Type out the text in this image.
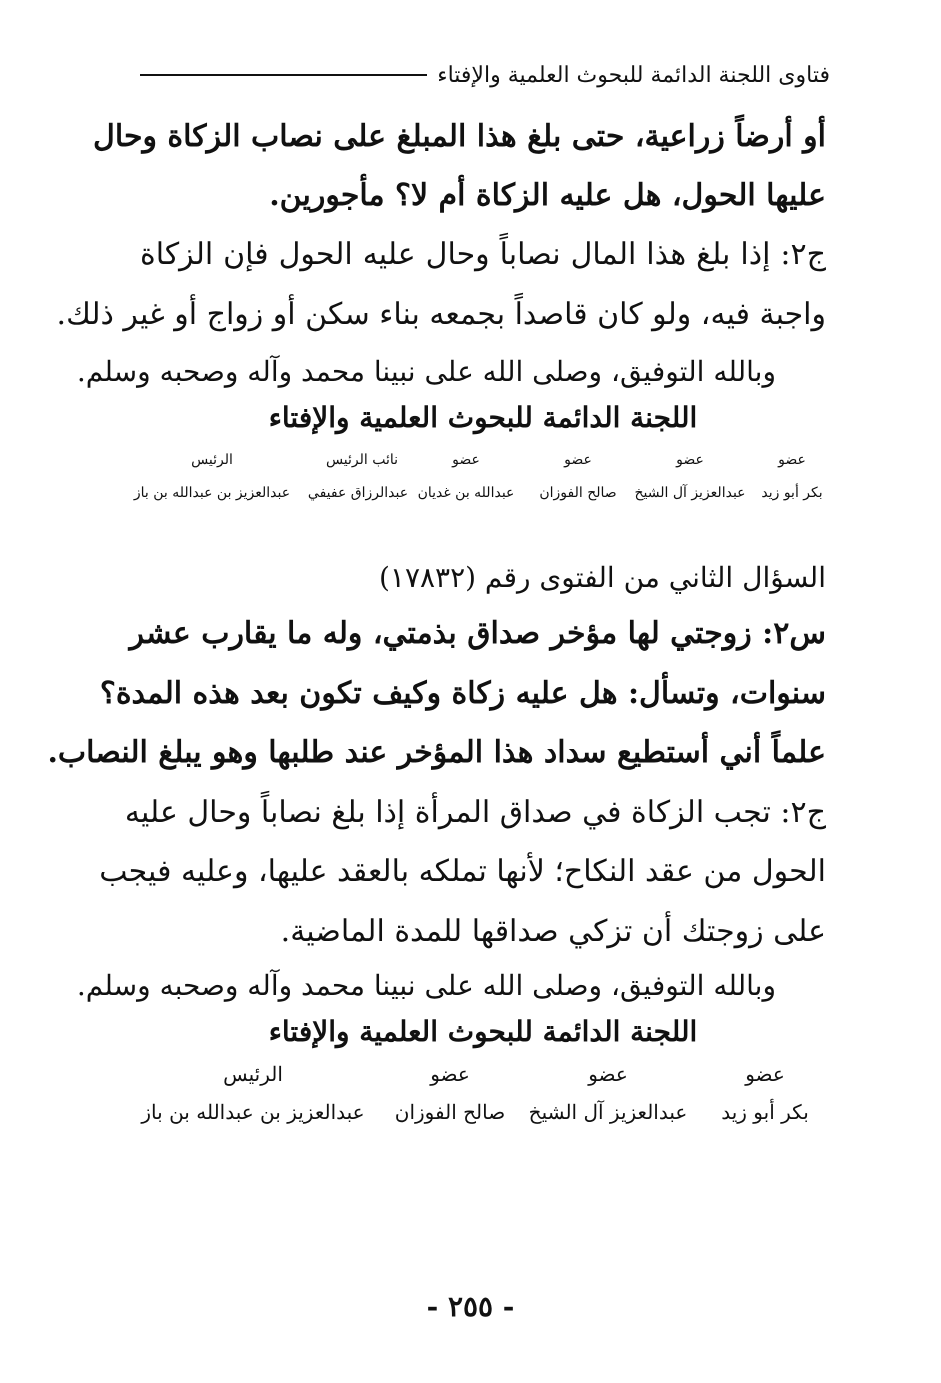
فتاوى اللجنة الدائمة للبحوث العلمية والإفتاء
أو أرضاً زراعية، حتى بلغ هذا المبلغ على نصاب الزكاة وحال
عليها الحول، هل عليه الزكاة أم لا؟ مأجورين.
ج٢: إذا بلغ هذا المال نصاباً وحال عليه الحول فإن الزكاة
واجبة فيه، ولو كان قاصداً بجمعه بناء سكن أو زواج أو غير ذلك.
وبالله التوفيق، وصلى الله على نبينا محمد وآله وصحبه وسلم.
اللجنة الدائمة للبحوث العلمية والإفتاء
عضو
عضو
عضو
عضو
نائب الرئيس
الرئيس
بكر أبو زيد
عبدالعزيز آل الشيخ
صالح الفوزان
عبدالله بن غديان
عبدالرزاق عفيفي
عبدالعزيز بن عبدالله بن باز
السؤال الثاني من الفتوى رقم (١٧٨٣٢)
س٢: زوجتي لها مؤخر صداق بذمتي، وله ما يقارب عشر
سنوات، وتسأل: هل عليه زكاة وكيف تكون بعد هذه المدة؟
علماً أني أستطيع سداد هذا المؤخر عند طلبها وهو يبلغ النصاب.
ج٢: تجب الزكاة في صداق المرأة إذا بلغ نصاباً وحال عليه
الحول من عقد النكاح؛ لأنها تملكه بالعقد عليها، وعليه فيجب
على زوجتك أن تزكي صداقها للمدة الماضية.
وبالله التوفيق، وصلى الله على نبينا محمد وآله وصحبه وسلم.
اللجنة الدائمة للبحوث العلمية والإفتاء
عضو
عضو
عضو
الرئيس
بكر أبو زيد
عبدالعزيز آل الشيخ
صالح الفوزان
عبدالعزيز بن عبدالله بن باز
- ٢٥٥ -
